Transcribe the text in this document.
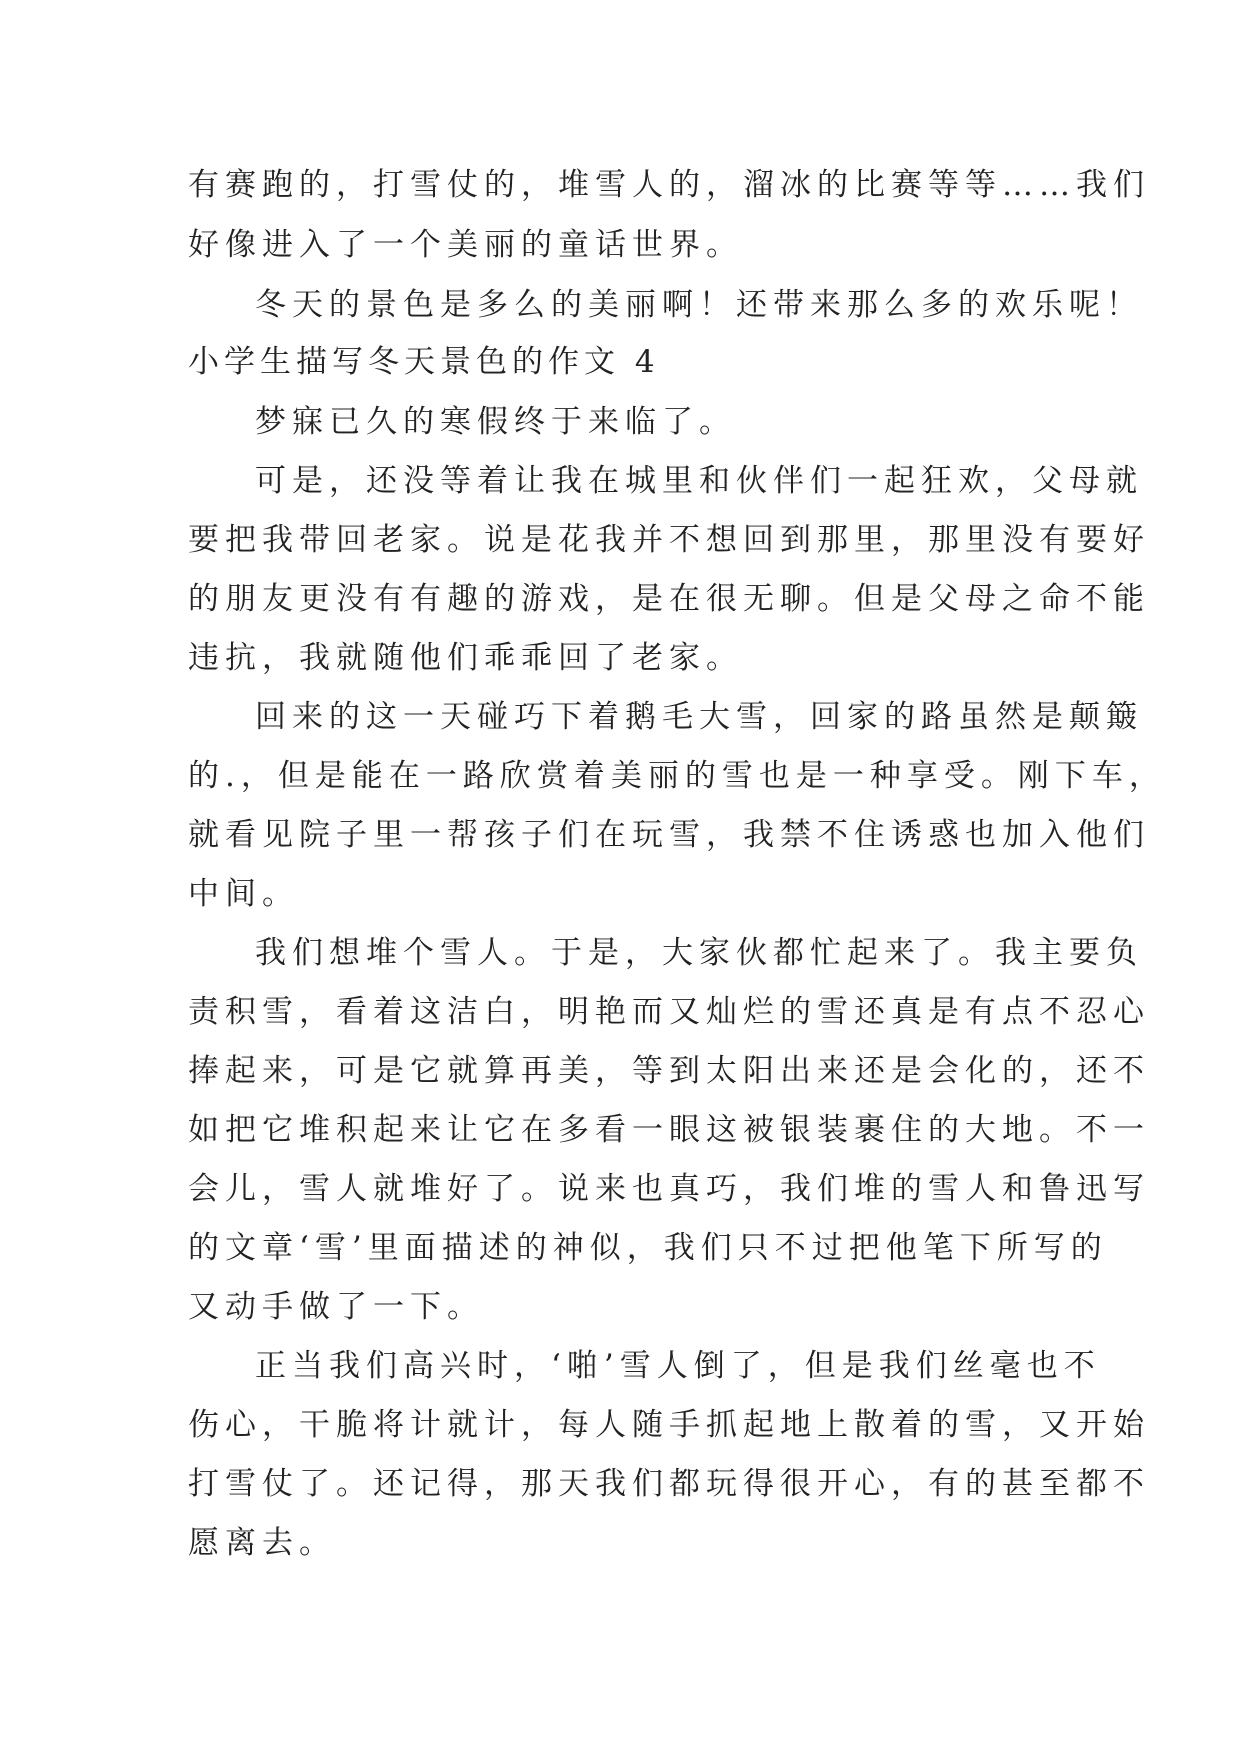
有赛跑的，打雪仗的，堆雪人的，溜冰的比赛等等……我们
好像进入了一个美丽的童话世界。
冬天的景色是多么的美丽啊！还带来那么多的欢乐呢！
小学生描写冬天景色的作文 4
梦寐已久的寒假终于来临了。
可是，还没等着让我在城里和伙伴们一起狂欢，父母就
要把我带回老家。说是花我并不想回到那里，那里没有要好
的朋友更没有有趣的游戏，是在很无聊。但是父母之命不能
违抗，我就随他们乖乖回了老家。
回来的这一天碰巧下着鹅毛大雪，回家的路虽然是颠簸
的.，但是能在一路欣赏着美丽的雪也是一种享受。刚下车，
就看见院子里一帮孩子们在玩雪，我禁不住诱惑也加入他们
中间。
我们想堆个雪人。于是，大家伙都忙起来了。我主要负
责积雪，看着这洁白，明艳而又灿烂的雪还真是有点不忍心
捧起来，可是它就算再美，等到太阳出来还是会化的，还不
如把它堆积起来让它在多看一眼这被银装裹住的大地。不一
会儿，雪人就堆好了。说来也真巧，我们堆的雪人和鲁迅写
的文章‘雪’里面描述的神似，我们只不过把他笔下所写的
又动手做了一下。
正当我们高兴时，‘啪’雪人倒了，但是我们丝毫也不
伤心，干脆将计就计，每人随手抓起地上散着的雪，又开始
打雪仗了。还记得，那天我们都玩得很开心，有的甚至都不
愿离去。
